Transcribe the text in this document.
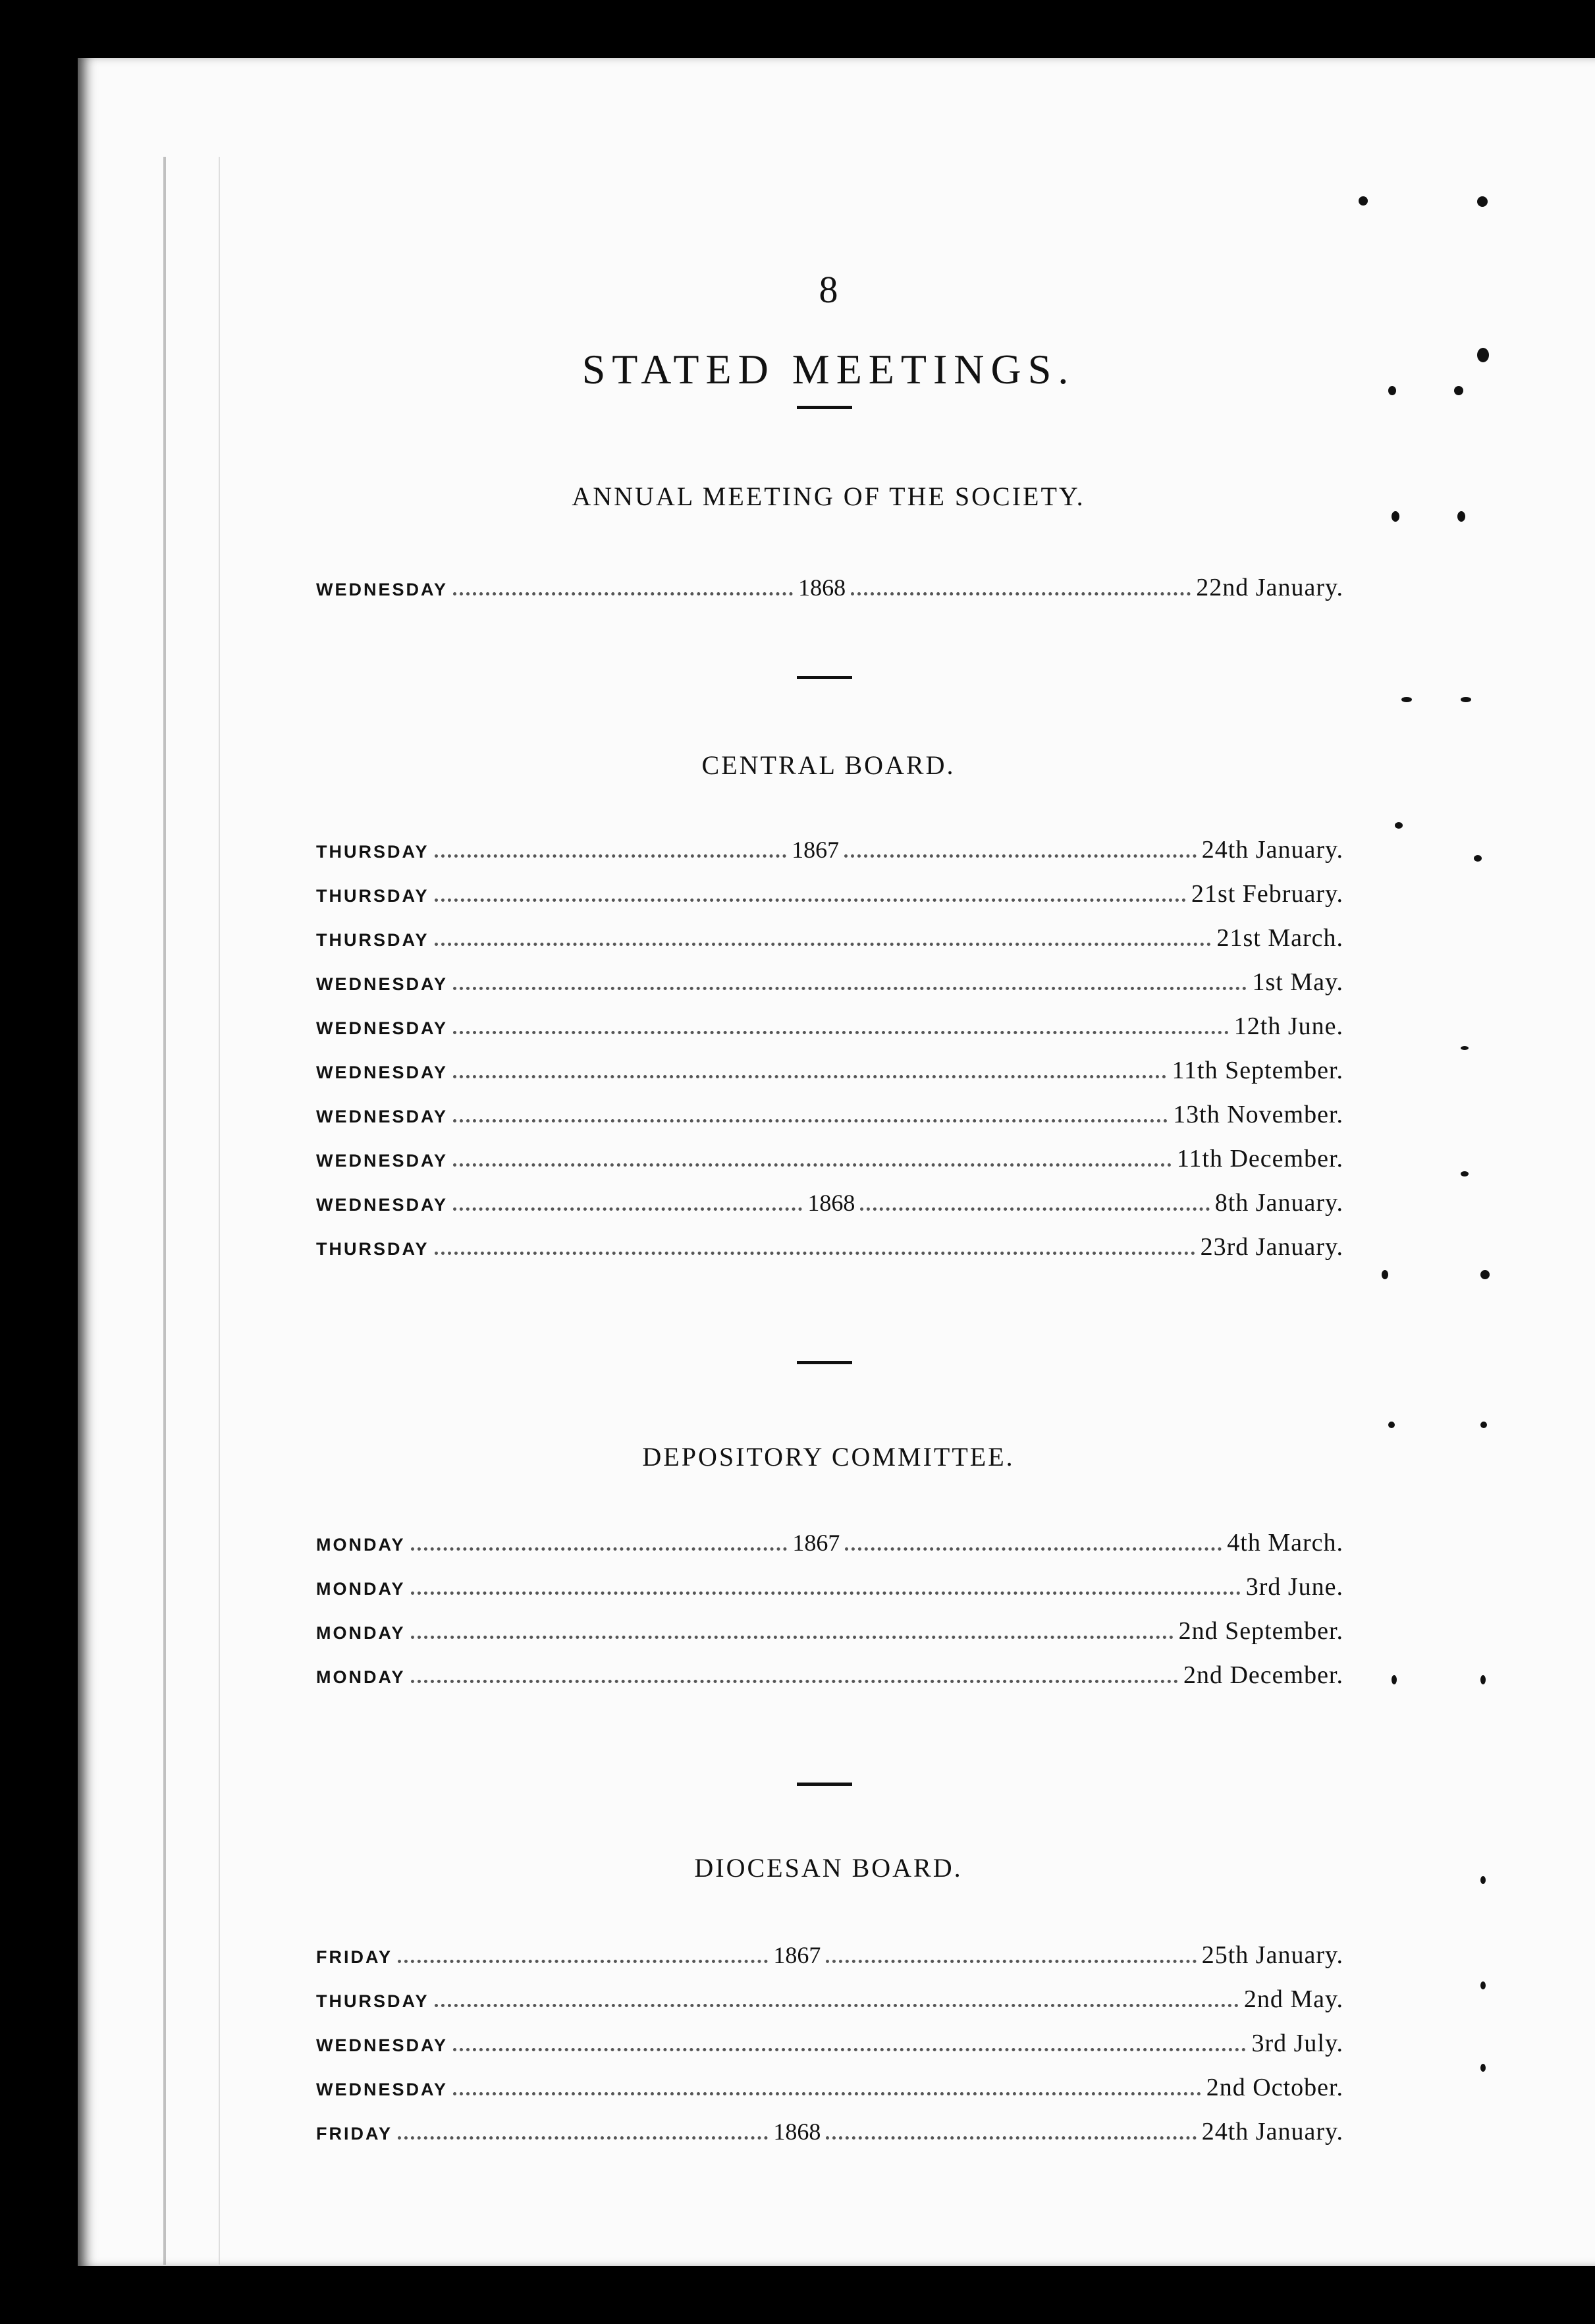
8
STATED MEETINGS.
ANNUAL MEETING OF THE SOCIETY.
WEDNESDAY	1868	22nd January.
CENTRAL BOARD.
THURSDAY	1867	24th January.
THURSDAY	21st February.
THURSDAY	21st March.
WEDNESDAY	1st May.
WEDNESDAY	12th June.
WEDNESDAY	11th September.
WEDNESDAY	13th November.
WEDNESDAY	11th December.
WEDNESDAY	1868	8th January.
THURSDAY	23rd January.
DEPOSITORY COMMITTEE.
MONDAY	1867	4th March.
MONDAY	3rd June.
MONDAY	2nd September.
MONDAY	2nd December.
DIOCESAN BOARD.
FRIDAY	1867	25th January.
THURSDAY	2nd May.
WEDNESDAY	3rd July.
WEDNESDAY	2nd October.
FRIDAY	1868	24th January.
